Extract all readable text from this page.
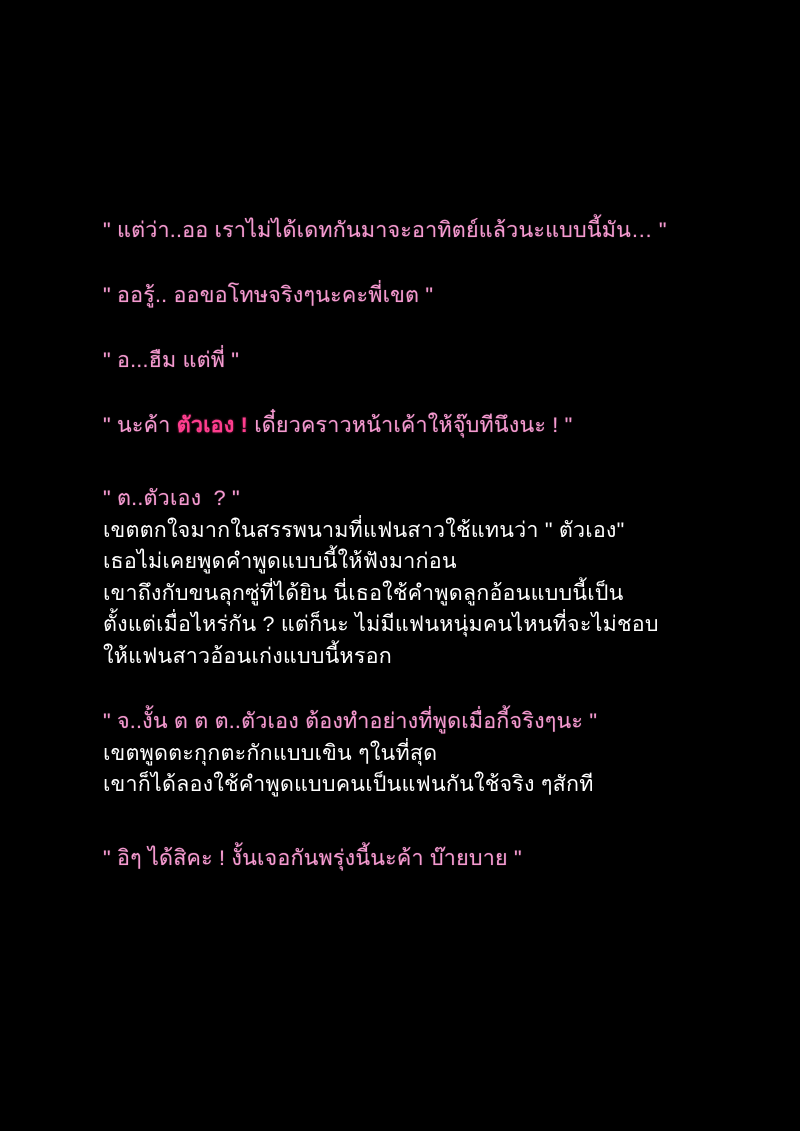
" แต่ว่า..ออ เราไม่ได้เดทกันมาจะอาทิตย์แล้วนะแบบนี้มัน… "
" ออรู้.. ออขอโทษจริงๆนะคะพี่เขต "
" อ...ฮืม แต่พี่ "
" นะค้า ตัวเอง ! เดี๋ยวคราวหน้าเค้าให้จุ๊บทีนึงนะ ! "
" ต..ตัวเอง  ? "
เขตตกใจมากในสรรพนามที่แฟนสาวใช้แทนว่า " ตัวเอง"
เธอไม่เคยพูดคำพูดแบบนี้ให้ฟังมาก่อน
เขาถึงกับขนลุกซู่ที่ได้ยิน นี่เธอใช้คำพูดลูกอ้อนแบบนี้เป็น
ตั้งแต่เมื่อไหร่กัน ? แต่ก็นะ ไม่มีแฟนหนุ่มคนไหนที่จะไม่ชอบ
ให้แฟนสาวอ้อนเก่งแบบนี้หรอก
" จ..งั้น ต ต ต..ตัวเอง ต้องทำอย่างที่พูดเมื่อกี้จริงๆนะ "
เขตพูดตะกุกตะกักแบบเขิน ๆในที่สุด
เขาก็ได้ลองใช้คำพูดแบบคนเป็นแฟนกันใช้จริง ๆสักที
" อิๆ ได้สิคะ ! งั้นเจอกันพรุ่งนี้นะค้า บ๊ายบาย "
